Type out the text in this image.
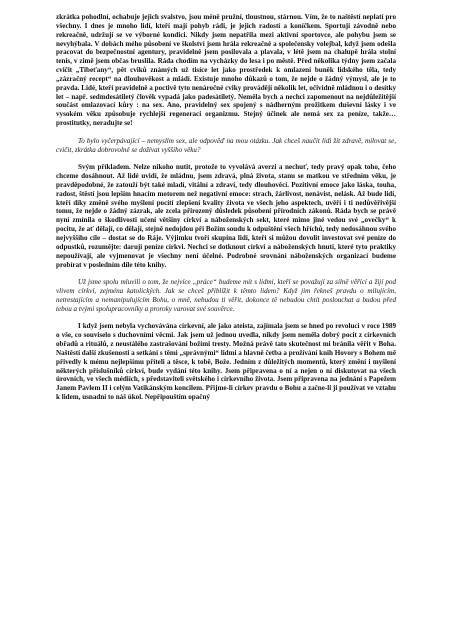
zkrátka pohodlní, ochabuje jejich svalstvo, jsou méně pružní, tloustnou, stárnou. Vím, že to naštěstí neplatí pro všechny. I dnes je mnoho lidí, kteří mají pohyb rádi, je jejich radostí a koníčkem. Sportují závodně nebo rekreačně, udržují se ve výborné kondici. Nikdy jsem nepatřila mezi aktivní sportovce, ale pohybu jsem se nevyhýbala. V dobách mého působení ve školství jsem hrála rekreačně a společensky volejbal, když jsem odešla pracovat do bezpečnostní agentury, pravidelně jsem posilovala a plavala, v létě jsem na chalupě hrála stolní tenis, v zimě jsem občas bruslila. Ráda chodím na vycházky do lesa i po městě. Před několika týdny jsem začala cvičit „Tibeťany“, pět cviků známých už tisíce let jako prostředek k omlazení buněk lidského těla, tedy „zázračný recept“ na dlouhověkost a mládí. Existuje mnoho důkazů o tom, že nejde o žádný výmysl, ale je to pravda. Lidé, kteří pravidelně a poctivě tyto nenáročné cviky provádějí několik let, očividně mládnou i o desítky let – např. sedmdesátiletý člověk vypadá jako padesátiletý. Neměla bych a nechci zapomenout na nejdůležitější součást omlazovací kůry : na sex. Ano, pravidelný sex spojený s nádherným prožitkem duševní lásky i ve vysokém věku způsobuje rychlejší regeneraci organizmu. Stejný účinek ale nemá sex za peníze, takže…prostitutky, neradujte se!

To bylo vyčerpávající – nemyslím sex, ale odpověď na mou otázku. Jak chceš naučit lidi žít zdravě, milovat se, cvičit, zkrátka dobrovolně se dožívat vyššího věku?

Svým příkladem. Nelze nikoho nutit, protože to vyvolává averzi a nechuť, tedy pravý opak toho, čeho chceme dosáhnout. Až lidé uvidí, že mládnu, jsem zdravá, plná života, stanu se matkou ve středním věku, je pravděpodobné, že zatouží být také mladí, vitální a zdraví, tedy dlouhověcí. Pozitivní emoce jako láska, touha, radost, štěstí jsou lepším hnacím motorem než negativní emoce: strach, žárlivost, nenávist, nelásk. Až bude lidí, kteří díky změně svého myšlení pocítí zlepšení kvality života ve všech jeho aspektech, uvěří i ti nedůvěřivější tomu, že nejde o žádný zázrak, ale zcela přirozený důsledek působení přírodních zákonů. Ráda bych se právě nyní zmínila o škodlivosti učení většiny církví a náboženských sekt, které mimo jiné vedou své „ovečky“ k pocitu, že ať dělají, co dělají, stejně nedojdou při Božím soudu k odpuštění všech hříchů, tedy nedosáhnou svého nejvyššího cíle – dostat se do Ráje. Výjimku tvoří skupina lidí, kteří si můžou dovolit investovat své peníze do odpustků, rozumějte: darují peníze církvi. Nechci se dotknout církví a náboženských hnutí, které tyto praktiky nepoužívají, ale vyjmenovat je všechny není účelné. Podrobné srovnání náboženských organizací budeme probírat v posledním díle této knihy.

Už jsme spolu mluvili o tom, že nejvíce „práce“ budeme mít s lidmi, kteří se považují za silně věřící a žijí pod vlivem církví, zejména katolických. Jak se chceš přiblížit k těmto lidem? Když jim řekneš pravdu o milujícím, netrestajícím a nemanipulujícím Bohu, o mně, nebudou ti věřit, dokonce tě nebudou chtít poslouchat a budou před tebou a tvými spolupracovníky a proroky varovat své souvěrce.

I když jsem nebyla vychovávána církevní, ale jako ateista, zajímala jsem se hned po revoluci v roce 1989 o vše, co souviselo s duchovními věcmi. Jak jsem už jednou uvedla, nikdy jsem neměla dobrý pocit z církevních obřadů a rituálů, z neustálého zastrašování božími tresty. Možná právě tato skutečnost mi bránila věřit v Boha. Naštěstí další zkušenosti a setkání s těmi „správnými“ lidmi a hlavně četba a prožívání knih Hovory s Bohem mě přivedly k mému nejlepšímu příteli a těsce, k tobě, Bože. Jedním z důležitých momentů, který změní i myšlení některých příslušníků církví, bude vydání této knihy. Jsem připravena o ní a nejen o ní diskutovat na všech úrovních, ve všech médiích, s představiteli světského i církevního života. Jsem připravena na jednání s Papežem Janem Pavlem II i celým Vatikánským koncilem. Přijme-li církev pravdu o Bohu a začne-li ji používat ve vztahu k lidem, usnadní to náš úkol. Nepřipouštím opačný
